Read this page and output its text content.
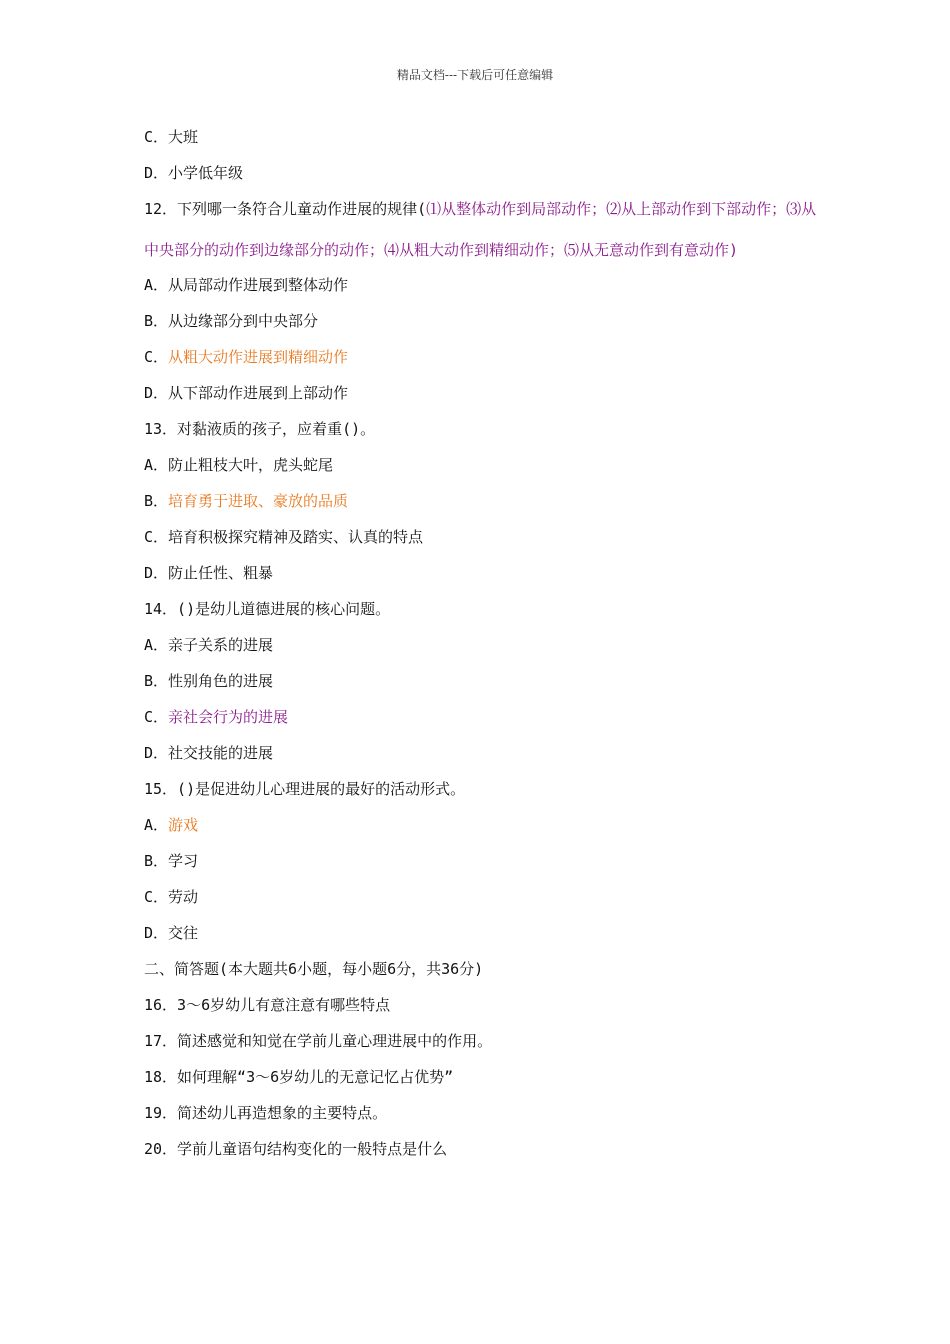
精品文档---下载后可任意编辑
C．大班
D．小学低年级
12．下列哪一条符合儿童动作进展的规律(⑴从整体动作到局部动作；⑵从上部动作到下部动作；⑶从中央部分的动作到边缘部分的动作；⑷从粗大动作到精细动作；⑸从无意动作到有意动作)
A．从局部动作进展到整体动作
B．从边缘部分到中央部分
C．从粗大动作进展到精细动作
D．从下部动作进展到上部动作
13．对黏液质的孩子，应着重()。
A．防止粗枝大叶，虎头蛇尾
B．培育勇于进取、豪放的品质
C．培育积极探究精神及踏实、认真的特点
D．防止任性、粗暴
14．()是幼儿道德进展的核心问题。
A．亲子关系的进展
B．性别角色的进展
C．亲社会行为的进展
D．社交技能的进展
15．()是促进幼儿心理进展的最好的活动形式。
A．游戏
B．学习
C．劳动
D．交往
二、简答题(本大题共6小题，每小题6分，共36分)
16．3～6岁幼儿有意注意有哪些特点
17．简述感觉和知觉在学前儿童心理进展中的作用。
18．如何理解“3～6岁幼儿的无意记忆占优势”
19．简述幼儿再造想象的主要特点。
20．学前儿童语句结构变化的一般特点是什么
